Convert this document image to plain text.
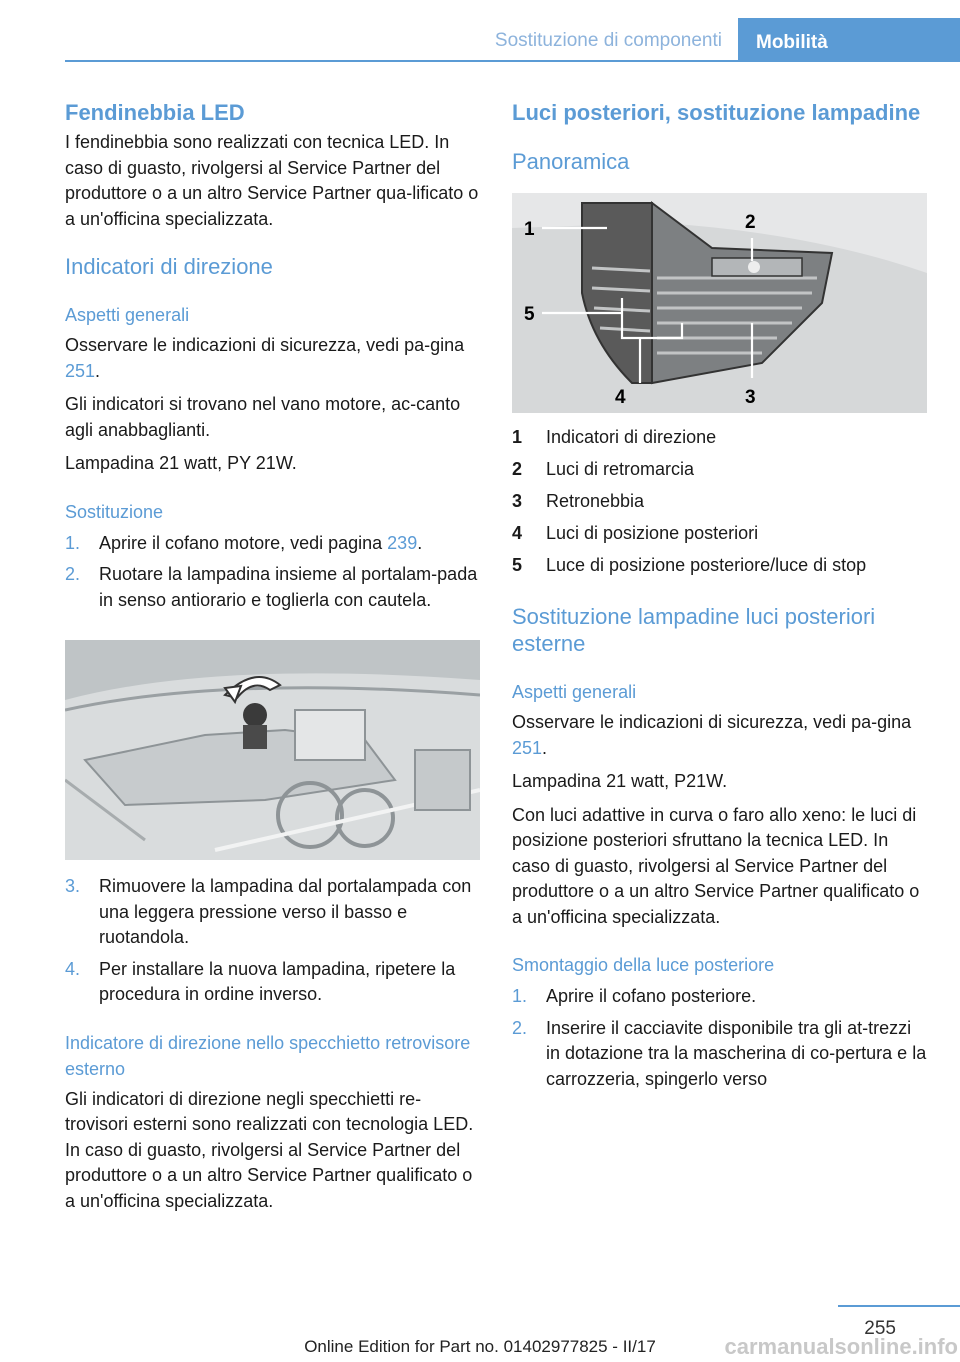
Sostituzione di componenti	Mobilità
Fendinebbia LED

I fendinebbia sono realizzati con tecnica LED. In caso di guasto, rivolgersi al Service Partner del produttore o a un altro Service Partner qua-lificato o a un'officina specializzata.

Indicatori di direzione
Aspetti generali

Osservare le indicazioni di sicurezza, vedi pa-gina 251.

Gli indicatori si trovano nel vano motore, ac-canto agli anabbaglianti.

Lampadina 21 watt, PY 21W.

Sostituzione
1. Aprire il cofano motore, vedi pagina 239.
2. Ruotare la lampadina insieme al portalam-pada in senso antiorario e toglierla con cautela.
3. Rimuovere la lampadina dal portalampada con una leggera pressione verso il basso e ruotandola.
4. Per installare la nuova lampadina, ripetere la procedura in ordine inverso.
Indicatore di direzione nello specchietto retrovisore esterno

Gli indicatori di direzione negli specchietti re-trovisori esterni sono realizzati con tecnologia LED. In caso di guasto, rivolgersi al Service Partner del produttore o a un altro Service Partner qualificato o a un'officina specializzata.

Luci posteriori, sostituzione lampadine
Panoramica
1	2
3
4
5
1	Indicatori di direzione
2	Luci di retromarcia
3	Retronebbia
4	Luci di posizione posteriori
5	Luce di posizione posteriore/luce di stop
Sostituzione lampadine luci posteriori esterne
Aspetti generali

Osservare le indicazioni di sicurezza, vedi pa-gina 251.

Lampadina 21 watt, P21W.

Con luci adattive in curva o faro allo xeno: le luci di posizione posteriori sfruttano la tecnica LED. In caso di guasto, rivolgersi al Service Partner del produttore o a un altro Service Partner qualificato o a un'officina specializzata.

Smontaggio della luce posteriore
1. Aprire il cofano posteriore.
2. Inserire il cacciavite disponibile tra gli at-trezzi in dotazione tra la mascherina di co-pertura e la carrozzeria, spingerlo verso
255
Online Edition for Part no. 01402977825 - II/17	carmanualsonline.info
